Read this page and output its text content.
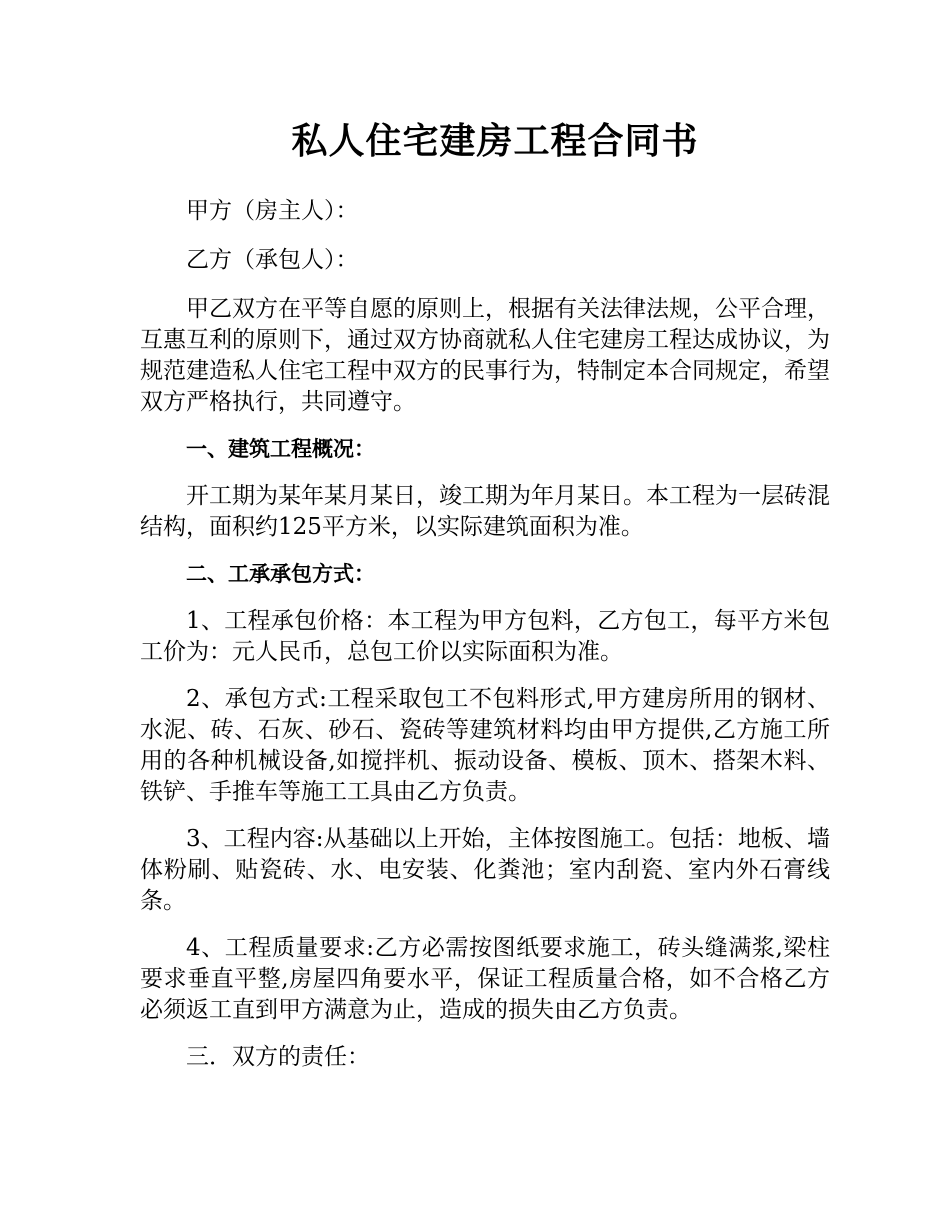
私人住宅建房工程合同书

甲方（房主人）：

乙方（承包人）：

甲乙双方在平等自愿的原则上，根据有关法律法规，公平合理，互惠互利的原则下，通过双方协商就私人住宅建房工程达成协议，为规范建造私人住宅工程中双方的民事行为，特制定本合同规定，希望双方严格执行，共同遵守。

一、建筑工程概况：

开工期为某年某月某日，竣工期为年月某日。本工程为一层砖混结构，面积约125平方米，以实际建筑面积为准。

二、工承承包方式：

1、工程承包价格：本工程为甲方包料，乙方包工，每平方米包工价为：元人民币，总包工价以实际面积为准。

2、承包方式:工程采取包工不包料形式,甲方建房所用的钢材、水泥、砖、石灰、砂石、瓷砖等建筑材料均由甲方提供,乙方施工所用的各种机械设备,如搅拌机、振动设备、模板、顶木、搭架木料、铁铲、手推车等施工工具由乙方负责。

3、工程内容:从基础以上开始，主体按图施工。包括：地板、墙体粉刷、贴瓷砖、水、电安装、化粪池；室内刮瓷、室内外石膏线条。

4、工程质量要求:乙方必需按图纸要求施工，砖头缝满浆,梁柱要求垂直平整,房屋四角要水平，保证工程质量合格，如不合格乙方必须返工直到甲方满意为止，造成的损失由乙方负责。

三．双方的责任：
